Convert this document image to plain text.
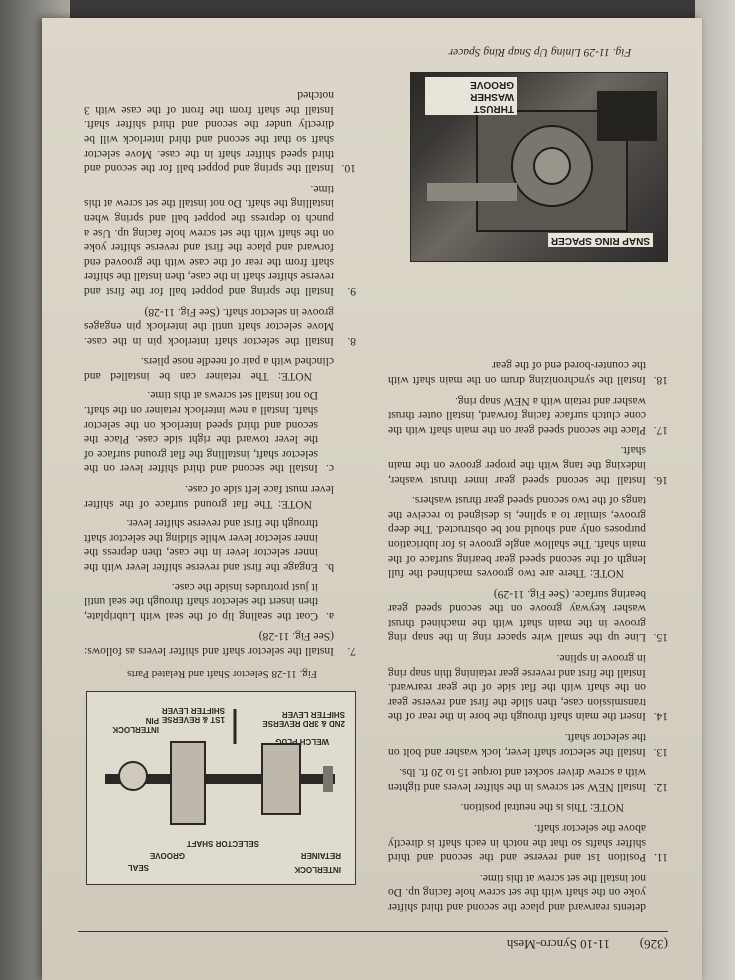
(326)
11-10 Syncro-Mesh

detents rearward and place the second and third shifter yoke on the shaft with the set screw hole facing up. Do not install the set screw at this time.

11.
Position 1st and reverse and the second and third shifter shafts so that the notch in each shaft is directly above the selector shaft.

NOTE: This is the neutral position.

12.
Install NEW set screws in the shifter levers and tighten with a screw driver socket and torque 15 to 20 ft. lbs.

13.
Install the selector shaft lever, lock washer and bolt on the selector shaft.

14.
Insert the main shaft through the bore in the rear of the transmission case, then slide the first and reverse gear on the shaft with the flat side of the gear rearward. Install the first and reverse gear retaining thin snap ring in groove in spline.

15.
Line up the small wire spacer ring in the snap ring groove in the main shaft with the machined thrust washer keyway groove on the second speed gear bearing surface. (See Fig. 11-29)

NOTE: There are two grooves machined the full length of the second speed gear bearing surface of the main shaft. The shallow angle groove is for lubrication purposes only and should not be obstructed. The deep groove, similar to a spline, is designed to receive the tangs of the two second speed gear thrust washers.

16.
Install the second speed gear inner thrust washer, indexing the tang with the proper groove on the main shaft.

17.
Place the second speed gear on the main shaft with the cone clutch surface facing forward, install outer thrust washer and retain with a NEW snap ring.

18.
Install the synchronizing drum on the main shaft with the counter-bored end of the gear

SNAP RING SPACER
THRUST WASHER GROOVE
Fig. 11-29 Lining Up Snap Ring Spacer
SEAL
GROOVE
SELECTOR SHAFT
INTERLOCK
RETAINER
INTERLOCK PIN 1ST & REVERSE SHIFTER LEVER
2ND & 3RD REVERSE SHIFTER LEVER
WELCH PLUG
Fig. 11-28 Selector Shaft and Related Parts

7.
Install the selector shaft and shifter levers as follows: (See Fig. 11-28)

a.
Coat the sealing lip of the seal with Lubriplate, then insert the selector shaft through the seal until it just protrudes inside the case.

b.
Engage the first and reverse shifter lever with the inner selector lever in the case, then depress the inner selector lever while sliding the selector shaft through the first and reverse shifter lever.

NOTE: The flat ground surface of the shifter lever must face left side of case.

c.
Install the second and third shifter lever on the selector shaft, installing the flat ground surface of the lever toward the right side case. Place the second and third speed interlock on the selector shaft. Install a new interlock retainer on the shaft. Do not install set screws at this time.

NOTE: The retainer can be installed and clinched with a pair of needle nose pliers.

8.
Install the selector shaft interlock pin in the case. Move selector shaft until the interlock pin engages groove in selector shaft. (See Fig. 11-28)

9.
Install the spring and poppet ball for the first and reverse shifter shaft in the case, then install the shifter shaft from the rear of the case with the grooved end forward and place the first and reverse shifter yoke on the shaft with the set screw hole facing up. Use a punch to depress the poppet ball and spring when installing the shaft. Do not install the set screw at this time.

10.
Install the spring and poppet ball for the second and third speed shifter shaft in the case. Move selector shaft so that the second and third interlock will be directly under the second and third shifter shaft. Install the shaft from the front of the case with 3 notched
